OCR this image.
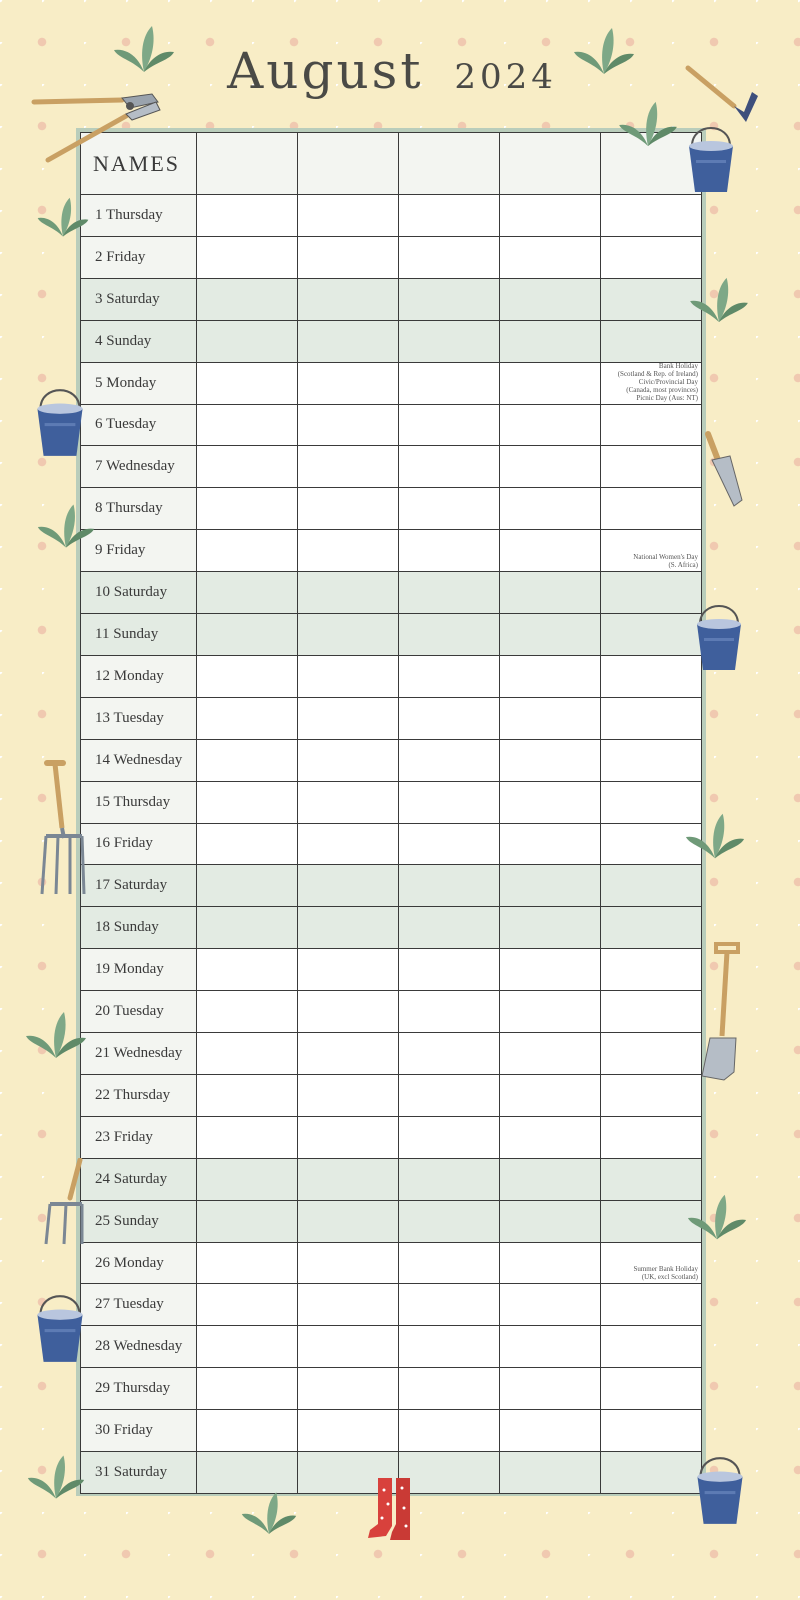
August 2024
NAMES
1 Thursday
2 Friday
3 Saturday
4 Sunday
5 Monday
Bank Holiday
(Scotland & Rep. of Ireland)
Civic/Provincial Day
(Canada, most provinces)
Picnic Day (Aus: NT)
6 Tuesday
7 Wednesday
8 Thursday
9 Friday	National Women's Day
(S. Africa)
10 Saturday
11 Sunday
12 Monday
13 Tuesday
14 Wednesday
15 Thursday
16 Friday
17 Saturday
18 Sunday
19 Monday
20 Tuesday
21 Wednesday
22 Thursday
23 Friday
24 Saturday
25 Sunday
26 Monday	Summer Bank Holiday
(UK, excl Scotland)
27 Tuesday
28 Wednesday
29 Thursday
30 Friday
31 Saturday
